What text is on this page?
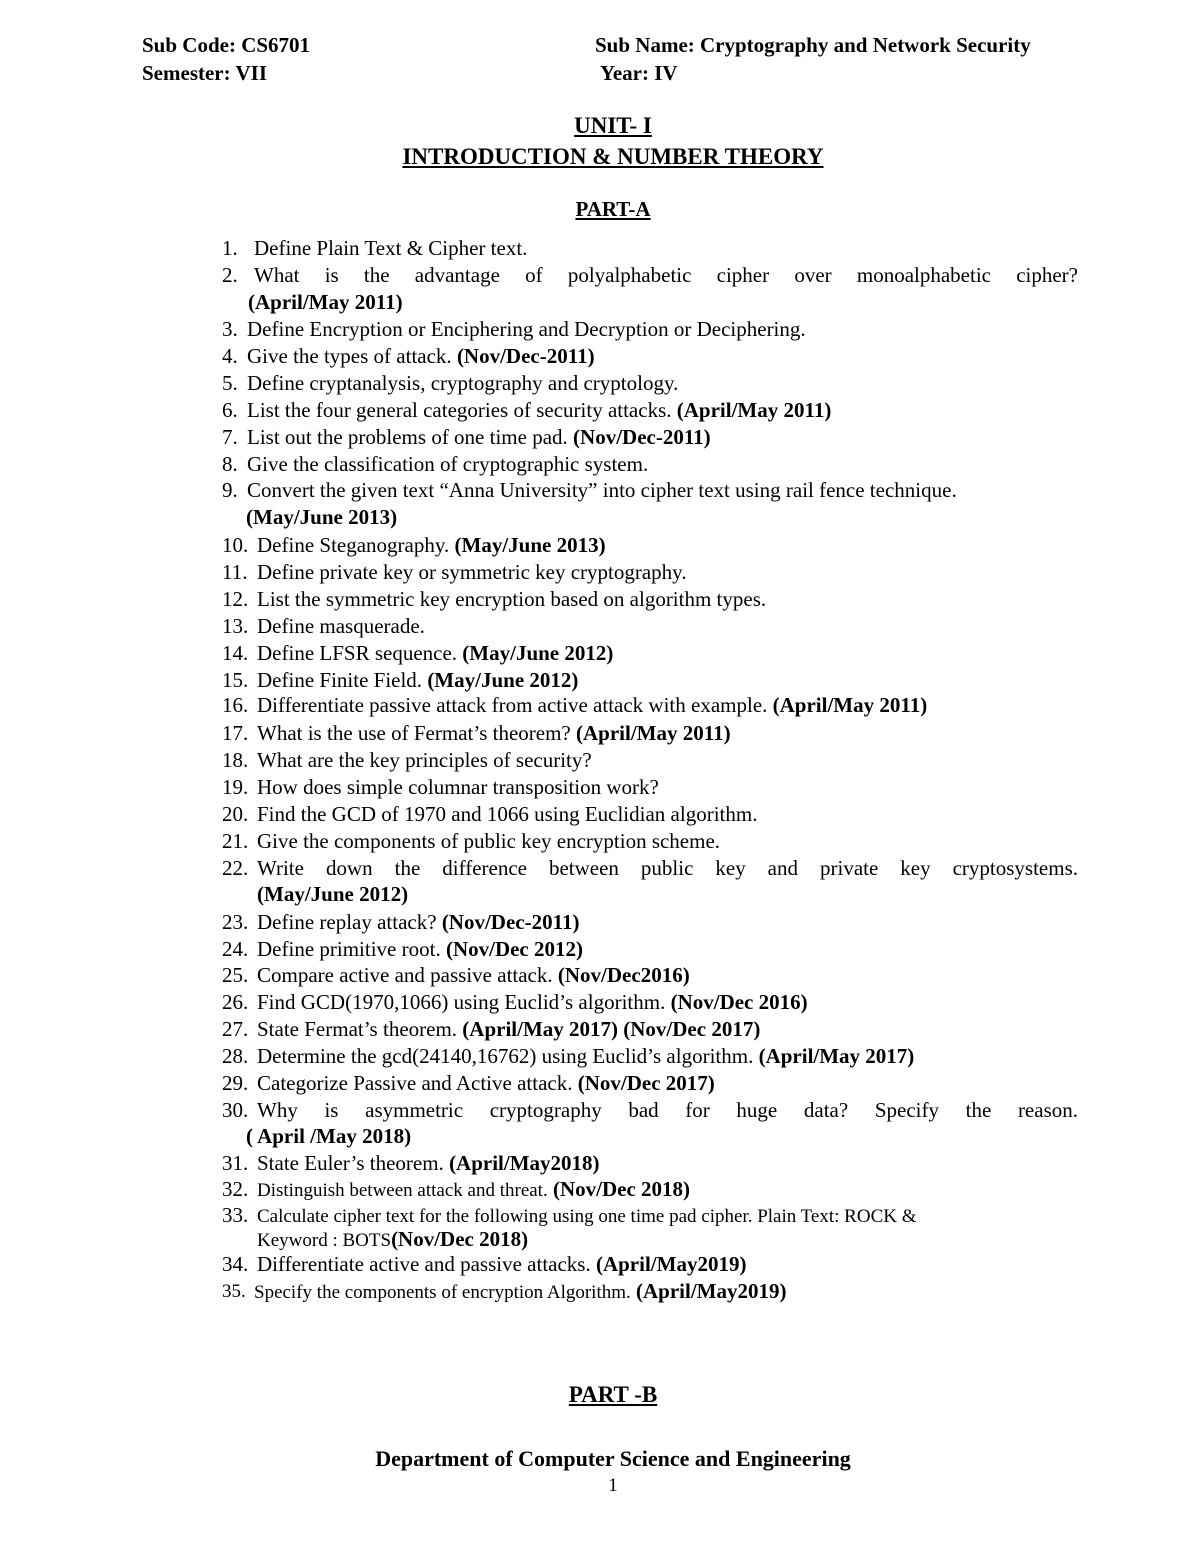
Sub Code: CS6701	Sub Name: Cryptography and Network Security
Semester: VII	Year: IV
UNIT- I
INTRODUCTION & NUMBER THEORY
PART-A
1. Define Plain Text & Cipher text.
2. What is the advantage of polyalphabetic cipher over monoalphabetic cipher?
(April/May 2011)
3. Define Encryption or Enciphering and Decryption or Deciphering.
4. Give the types of attack. (Nov/Dec-2011)
5. Define cryptanalysis, cryptography and cryptology.
6. List the four general categories of security attacks. (April/May 2011)
7. List out the problems of one time pad. (Nov/Dec-2011)
8. Give the classification of cryptographic system.
9. Convert the given text “Anna University” into cipher text using rail fence technique.
(May/June 2013)
10. Define Steganography. (May/June 2013)
11. Define private key or symmetric key cryptography.
12. List the symmetric key encryption based on algorithm types.
13. Define masquerade.
14. Define LFSR sequence. (May/June 2012)
15. Define Finite Field. (May/June 2012)
16. Differentiate passive attack from active attack with example. (April/May 2011)
17. What is the use of Fermat’s theorem? (April/May 2011)
18. What are the key principles of security?
19. How does simple columnar transposition work?
20. Find the GCD of 1970 and 1066 using Euclidian algorithm.
21. Give the components of public key encryption scheme.
22. Write down the difference between public key and private key cryptosystems.
(May/June 2012)
23. Define replay attack? (Nov/Dec-2011)
24. Define primitive root. (Nov/Dec 2012)
25. Compare active and passive attack. (Nov/Dec2016)
26. Find GCD(1970,1066) using Euclid’s algorithm. (Nov/Dec 2016)
27. State Fermat’s theorem. (April/May 2017) (Nov/Dec 2017)
28. Determine the gcd(24140,16762) using Euclid’s algorithm. (April/May 2017)
29. Categorize Passive and Active attack. (Nov/Dec 2017)
30. Why is asymmetric cryptography bad for huge data? Specify the reason.
( April /May 2018)
31. State Euler’s theorem. (April/May2018)
32. Distinguish between attack and threat. (Nov/Dec 2018)
33. Calculate cipher text for the following using one time pad cipher. Plain Text: ROCK &
Keyword : BOTS(Nov/Dec 2018)
34. Differentiate active and passive attacks. (April/May2019)
35. Specify the components of encryption Algorithm. (April/May2019)
PART -B
Department of Computer Science and Engineering
1
